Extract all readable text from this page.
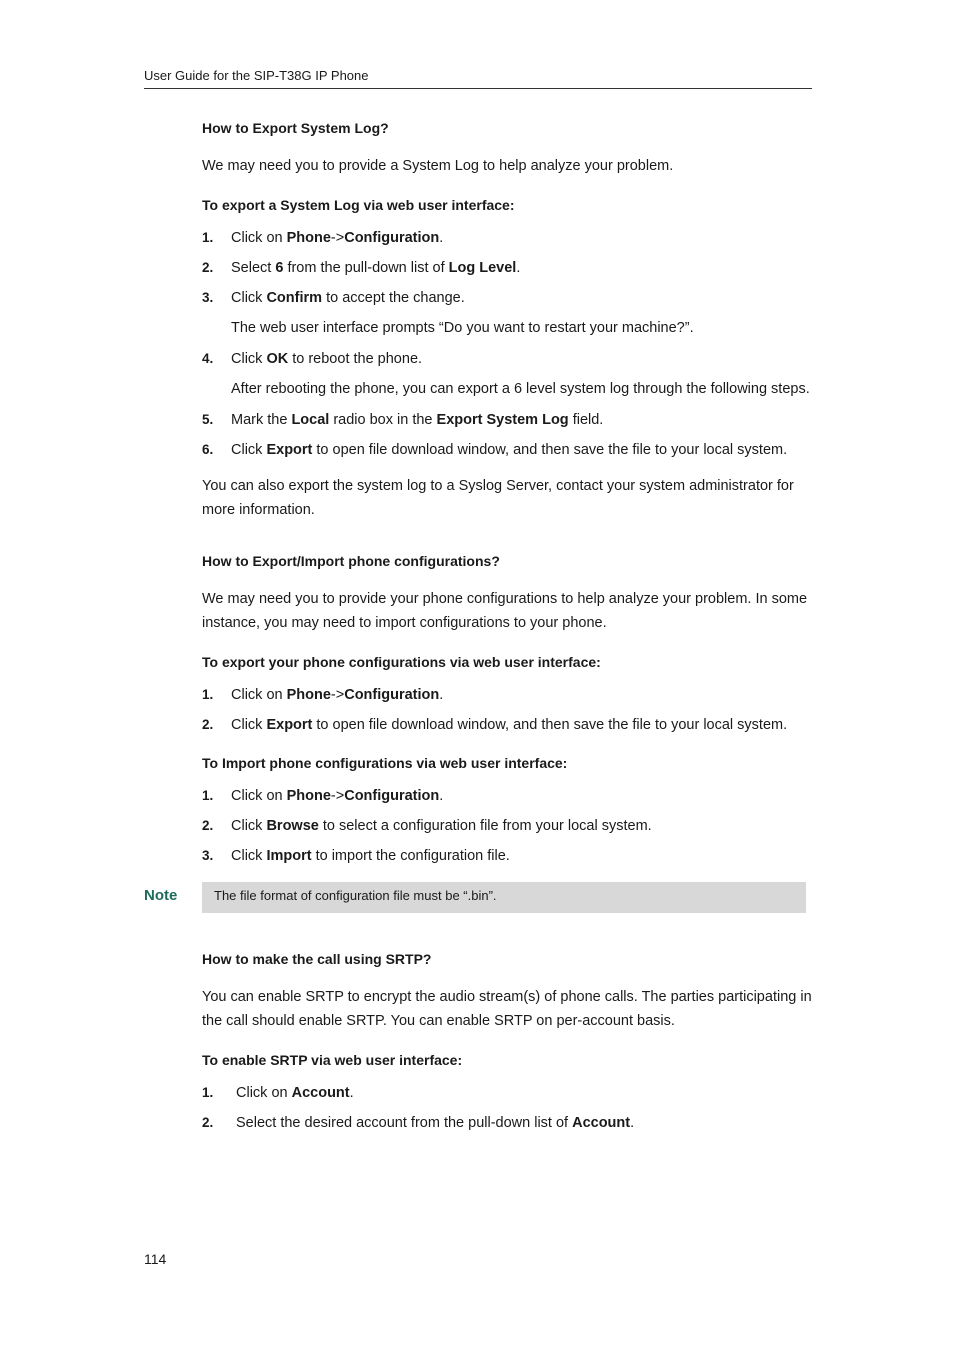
User Guide for the SIP-T38G IP Phone
How to Export System Log?
We may need you to provide a System Log to help analyze your problem.
To export a System Log via web user interface:
1. Click on Phone->Configuration.
2. Select 6 from the pull-down list of Log Level.
3. Click Confirm to accept the change.
The web user interface prompts “Do you want to restart your machine?”.
4. Click OK to reboot the phone.
After rebooting the phone, you can export a 6 level system log through the following steps.
5. Mark the Local radio box in the Export System Log field.
6. Click Export to open file download window, and then save the file to your local system.
You can also export the system log to a Syslog Server, contact your system administrator for more information.
How to Export/Import phone configurations?
We may need you to provide your phone configurations to help analyze your problem. In some instance, you may need to import configurations to your phone.
To export your phone configurations via web user interface:
1. Click on Phone->Configuration.
2. Click Export to open file download window, and then save the file to your local system.
To Import phone configurations via web user interface:
1. Click on Phone->Configuration.
2. Click Browse to select a configuration file from your local system.
3. Click Import to import the configuration file.
Note	The file format of configuration file must be “.bin”.
How to make the call using SRTP?
You can enable SRTP to encrypt the audio stream(s) of phone calls. The parties participating in the call should enable SRTP. You can enable SRTP on per-account basis.
To enable SRTP via web user interface:
1. Click on Account.
2. Select the desired account from the pull-down list of Account.
114
